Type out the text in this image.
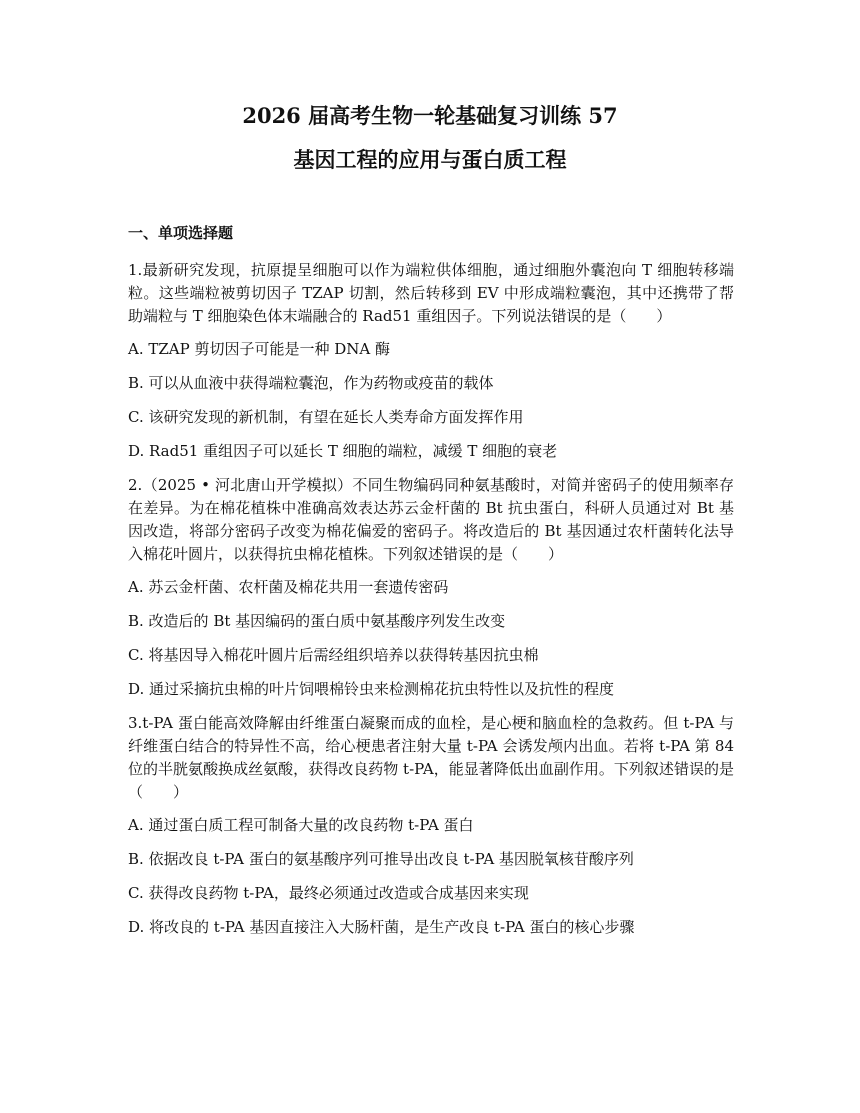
2026 届高考生物一轮基础复习训练 57
基因工程的应用与蛋白质工程
一、单项选择题

1.最新研究发现，抗原提呈细胞可以作为端粒供体细胞，通过细胞外囊泡向 T 细胞转移端粒。这些端粒被剪切因子 TZAP 切割，然后转移到 EV 中形成端粒囊泡，其中还携带了帮助端粒与 T 细胞染色体末端融合的 Rad51 重组因子。下列说法错误的是（　　）

A. TZAP 剪切因子可能是一种 DNA 酶

B. 可以从血液中获得端粒囊泡，作为药物或疫苗的载体

C. 该研究发现的新机制，有望在延长人类寿命方面发挥作用

D. Rad51 重组因子可以延长 T 细胞的端粒，减缓 T 细胞的衰老

2.（2025 • 河北唐山开学模拟）不同生物编码同种氨基酸时，对简并密码子的使用频率存在差异。为在棉花植株中准确高效表达苏云金杆菌的 Bt 抗虫蛋白，科研人员通过对 Bt 基因改造，将部分密码子改变为棉花偏爱的密码子。将改造后的 Bt 基因通过农杆菌转化法导入棉花叶圆片，以获得抗虫棉花植株。下列叙述错误的是（　　）

A. 苏云金杆菌、农杆菌及棉花共用一套遗传密码

B. 改造后的 Bt 基因编码的蛋白质中氨基酸序列发生改变

C. 将基因导入棉花叶圆片后需经组织培养以获得转基因抗虫棉

D. 通过采摘抗虫棉的叶片饲喂棉铃虫来检测棉花抗虫特性以及抗性的程度

3.t-PA 蛋白能高效降解由纤维蛋白凝聚而成的血栓，是心梗和脑血栓的急救药。但 t-PA 与纤维蛋白结合的特异性不高，给心梗患者注射大量 t-PA 会诱发颅内出血。若将 t-PA 第 84 位的半胱氨酸换成丝氨酸，获得改良药物 t-PA，能显著降低出血副作用。下列叙述错误的是（　　）

A. 通过蛋白质工程可制备大量的改良药物 t-PA 蛋白

B. 依据改良 t-PA 蛋白的氨基酸序列可推导出改良 t-PA 基因脱氧核苷酸序列

C. 获得改良药物 t-PA，最终必须通过改造或合成基因来实现

D. 将改良的 t-PA 基因直接注入大肠杆菌，是生产改良 t-PA 蛋白的核心步骤
